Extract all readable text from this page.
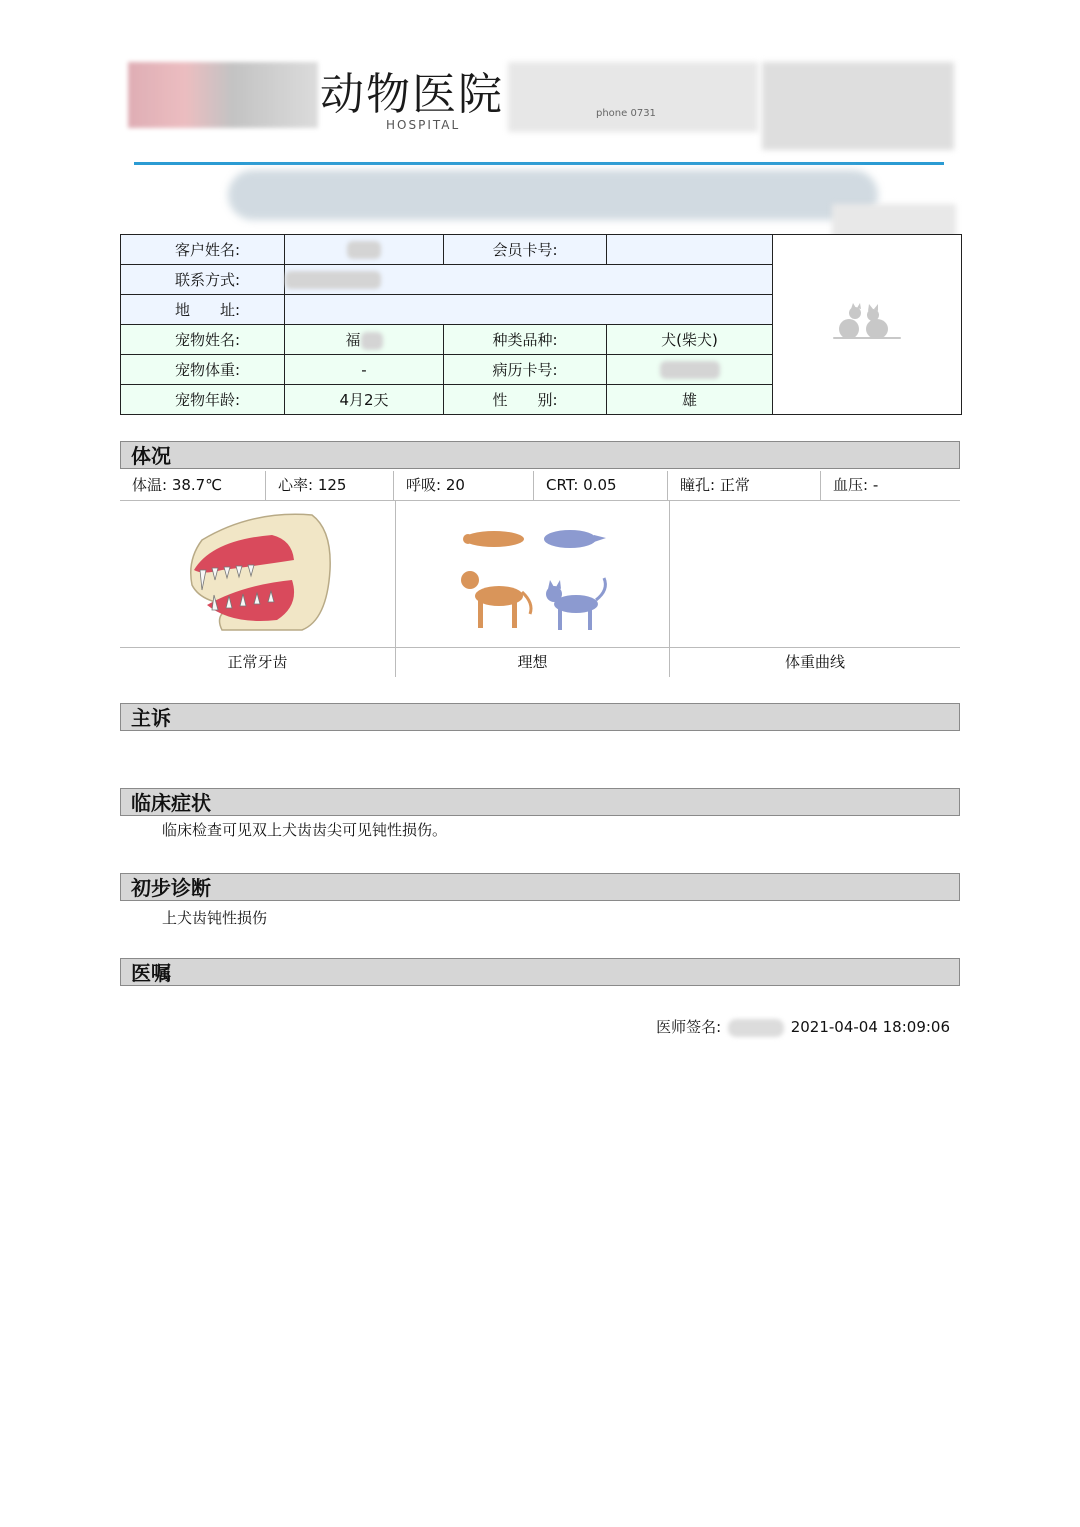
动物医院
HOSPITAL
phone 0731
客户姓名:		会员卡号:		
联系方式:				
地　　址:				
宠物姓名:	福	种类品种:	犬(柴犬)	
宠物体重:	-	病历卡号:		
宠物年龄:	4月2天	性　　别:	雄	
体况
体温: 38.7℃	心率: 125	呼吸: 20	CRT: 0.05	瞳孔: 正常	血压: -
正常牙齿	理想	体重曲线
主诉
临床症状
临床检查可见双上犬齿齿尖可见钝性损伤。
初步诊断
上犬齿钝性损伤
医嘱
医师签名:	2021-04-04 18:09:06
